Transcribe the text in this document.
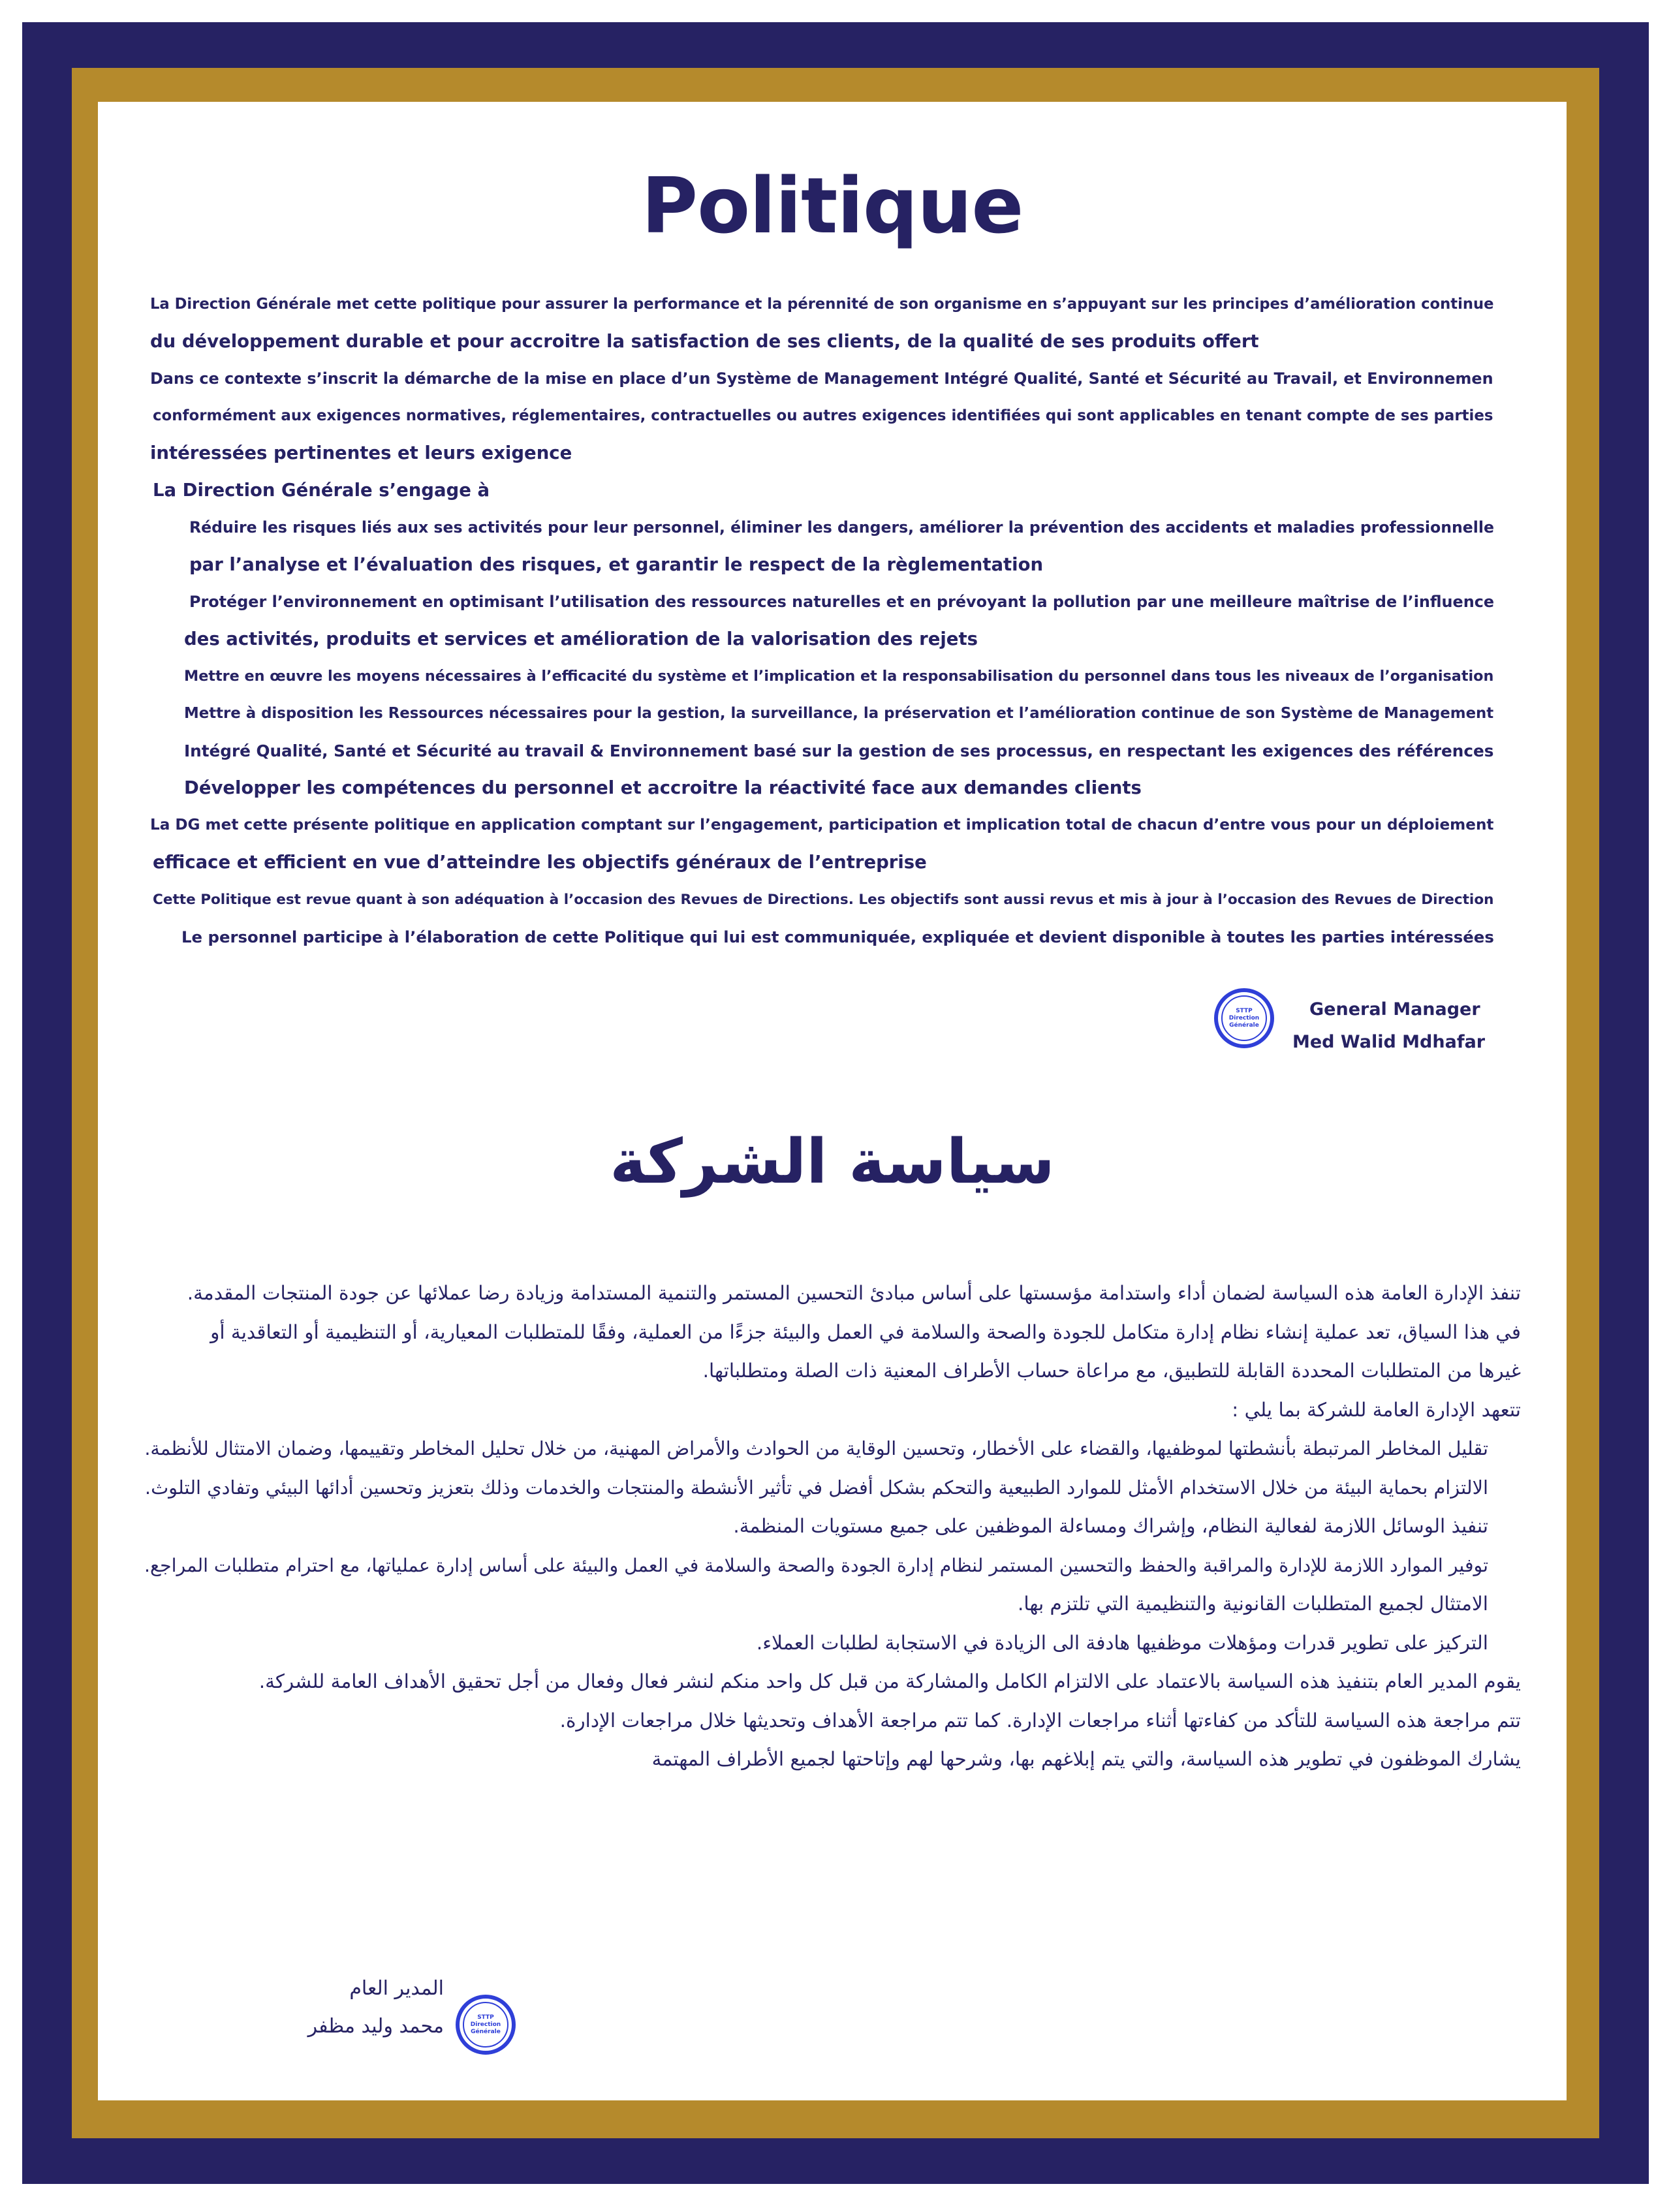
Politique
La Direction Générale met cette politique pour assurer la performance et la pérennité de son organisme en s’appuyant sur les principes d’amélioration continue
du développement durable et pour accroitre la satisfaction de ses clients, de la qualité de ses produits offert
Dans ce contexte s’inscrit la démarche de la mise en place d’un Système de Management Intégré Qualité, Santé et Sécurité au Travail, et Environnemen
conformément aux exigences normatives, réglementaires, contractuelles ou autres exigences identifiées qui sont applicables en tenant compte de ses parties
intéressées pertinentes et leurs exigence
La Direction Générale s’engage à
Réduire les risques liés aux ses activités pour leur personnel, éliminer les dangers, améliorer la prévention des accidents et maladies professionnelle
par l’analyse et l’évaluation des risques, et garantir le respect de la règlementation
Protéger l’environnement en optimisant l’utilisation des ressources naturelles et en prévoyant la pollution par une meilleure maîtrise de l’influence
des activités, produits et services et amélioration de la valorisation des rejets
Mettre en œuvre les moyens nécessaires à l’efficacité du système et l’implication et la responsabilisation du personnel dans tous les niveaux de l’organisation
Mettre à disposition les Ressources nécessaires pour la gestion, la surveillance, la préservation et l’amélioration continue de son Système de Management
Intégré Qualité, Santé et Sécurité au travail & Environnement basé sur la gestion de ses processus, en respectant les exigences des références
Développer les compétences du personnel et accroitre la réactivité face aux demandes clients
La DG met cette présente politique en application comptant sur l’engagement, participation et implication total de chacun d’entre vous pour un déploiement
efficace et efficient en vue d’atteindre les objectifs généraux de l’entreprise
Cette Politique est revue quant à son adéquation à l’occasion des Revues de Directions. Les objectifs sont aussi revus et mis à jour à l’occasion des Revues de Direction
Le personnel participe à l’élaboration de cette Politique qui lui est communiquée, expliquée et devient disponible à toutes les parties intéressées
STTP
Direction
Générale
General Manager
Med Walid Mdhafar
سياسة الشركة
تنفذ الإدارة العامة هذه السياسة لضمان أداء واستدامة مؤسستها على أساس مبادئ التحسين المستمر والتنمية المستدامة وزيادة رضا عملائها عن جودة المنتجات المقدمة.
في هذا السياق، تعد عملية إنشاء نظام إدارة متكامل للجودة والصحة والسلامة في العمل والبيئة جزءًا من العملية، وفقًا للمتطلبات المعيارية، أو التنظيمية أو التعاقدية أو
غيرها من المتطلبات المحددة القابلة للتطبيق، مع مراعاة حساب الأطراف المعنية ذات الصلة ومتطلباتها.
تتعهد الإدارة العامة للشركة بما يلي :
تقليل المخاطر المرتبطة بأنشطتها لموظفيها، والقضاء على الأخطار، وتحسين الوقاية من الحوادث والأمراض المهنية، من خلال تحليل المخاطر وتقييمها، وضمان الامتثال للأنظمة.
الالتزام بحماية البيئة من خلال الاستخدام الأمثل للموارد الطبيعية والتحكم بشكل أفضل في تأثير الأنشطة والمنتجات والخدمات وذلك بتعزيز وتحسين أدائها البيئي وتفادي التلوث.
تنفيذ الوسائل اللازمة لفعالية النظام، وإشراك ومساءلة الموظفين على جميع مستويات المنظمة.
توفير الموارد اللازمة للإدارة والمراقبة والحفظ والتحسين المستمر لنظام إدارة الجودة والصحة والسلامة في العمل والبيئة على أساس إدارة عملياتها، مع احترام متطلبات المراجع.
الامتثال لجميع المتطلبات القانونية والتنظيمية التي تلتزم بها.
التركيز على تطوير قدرات ومؤهلات موظفيها هادفة الى الزيادة في الاستجابة لطلبات العملاء.
يقوم المدير العام بتنفيذ هذه السياسة بالاعتماد على الالتزام الكامل والمشاركة من قبل كل واحد منكم لنشر فعال وفعال من أجل تحقيق الأهداف العامة للشركة.
تتم مراجعة هذه السياسة للتأكد من كفاءتها أثناء مراجعات الإدارة. كما تتم مراجعة الأهداف وتحديثها خلال مراجعات الإدارة.
يشارك الموظفون في تطوير هذه السياسة، والتي يتم إبلاغهم بها، وشرحها لهم وإتاحتها لجميع الأطراف المهتمة
STTP
Direction
Générale
المدير العام
محمد وليد مظفر
